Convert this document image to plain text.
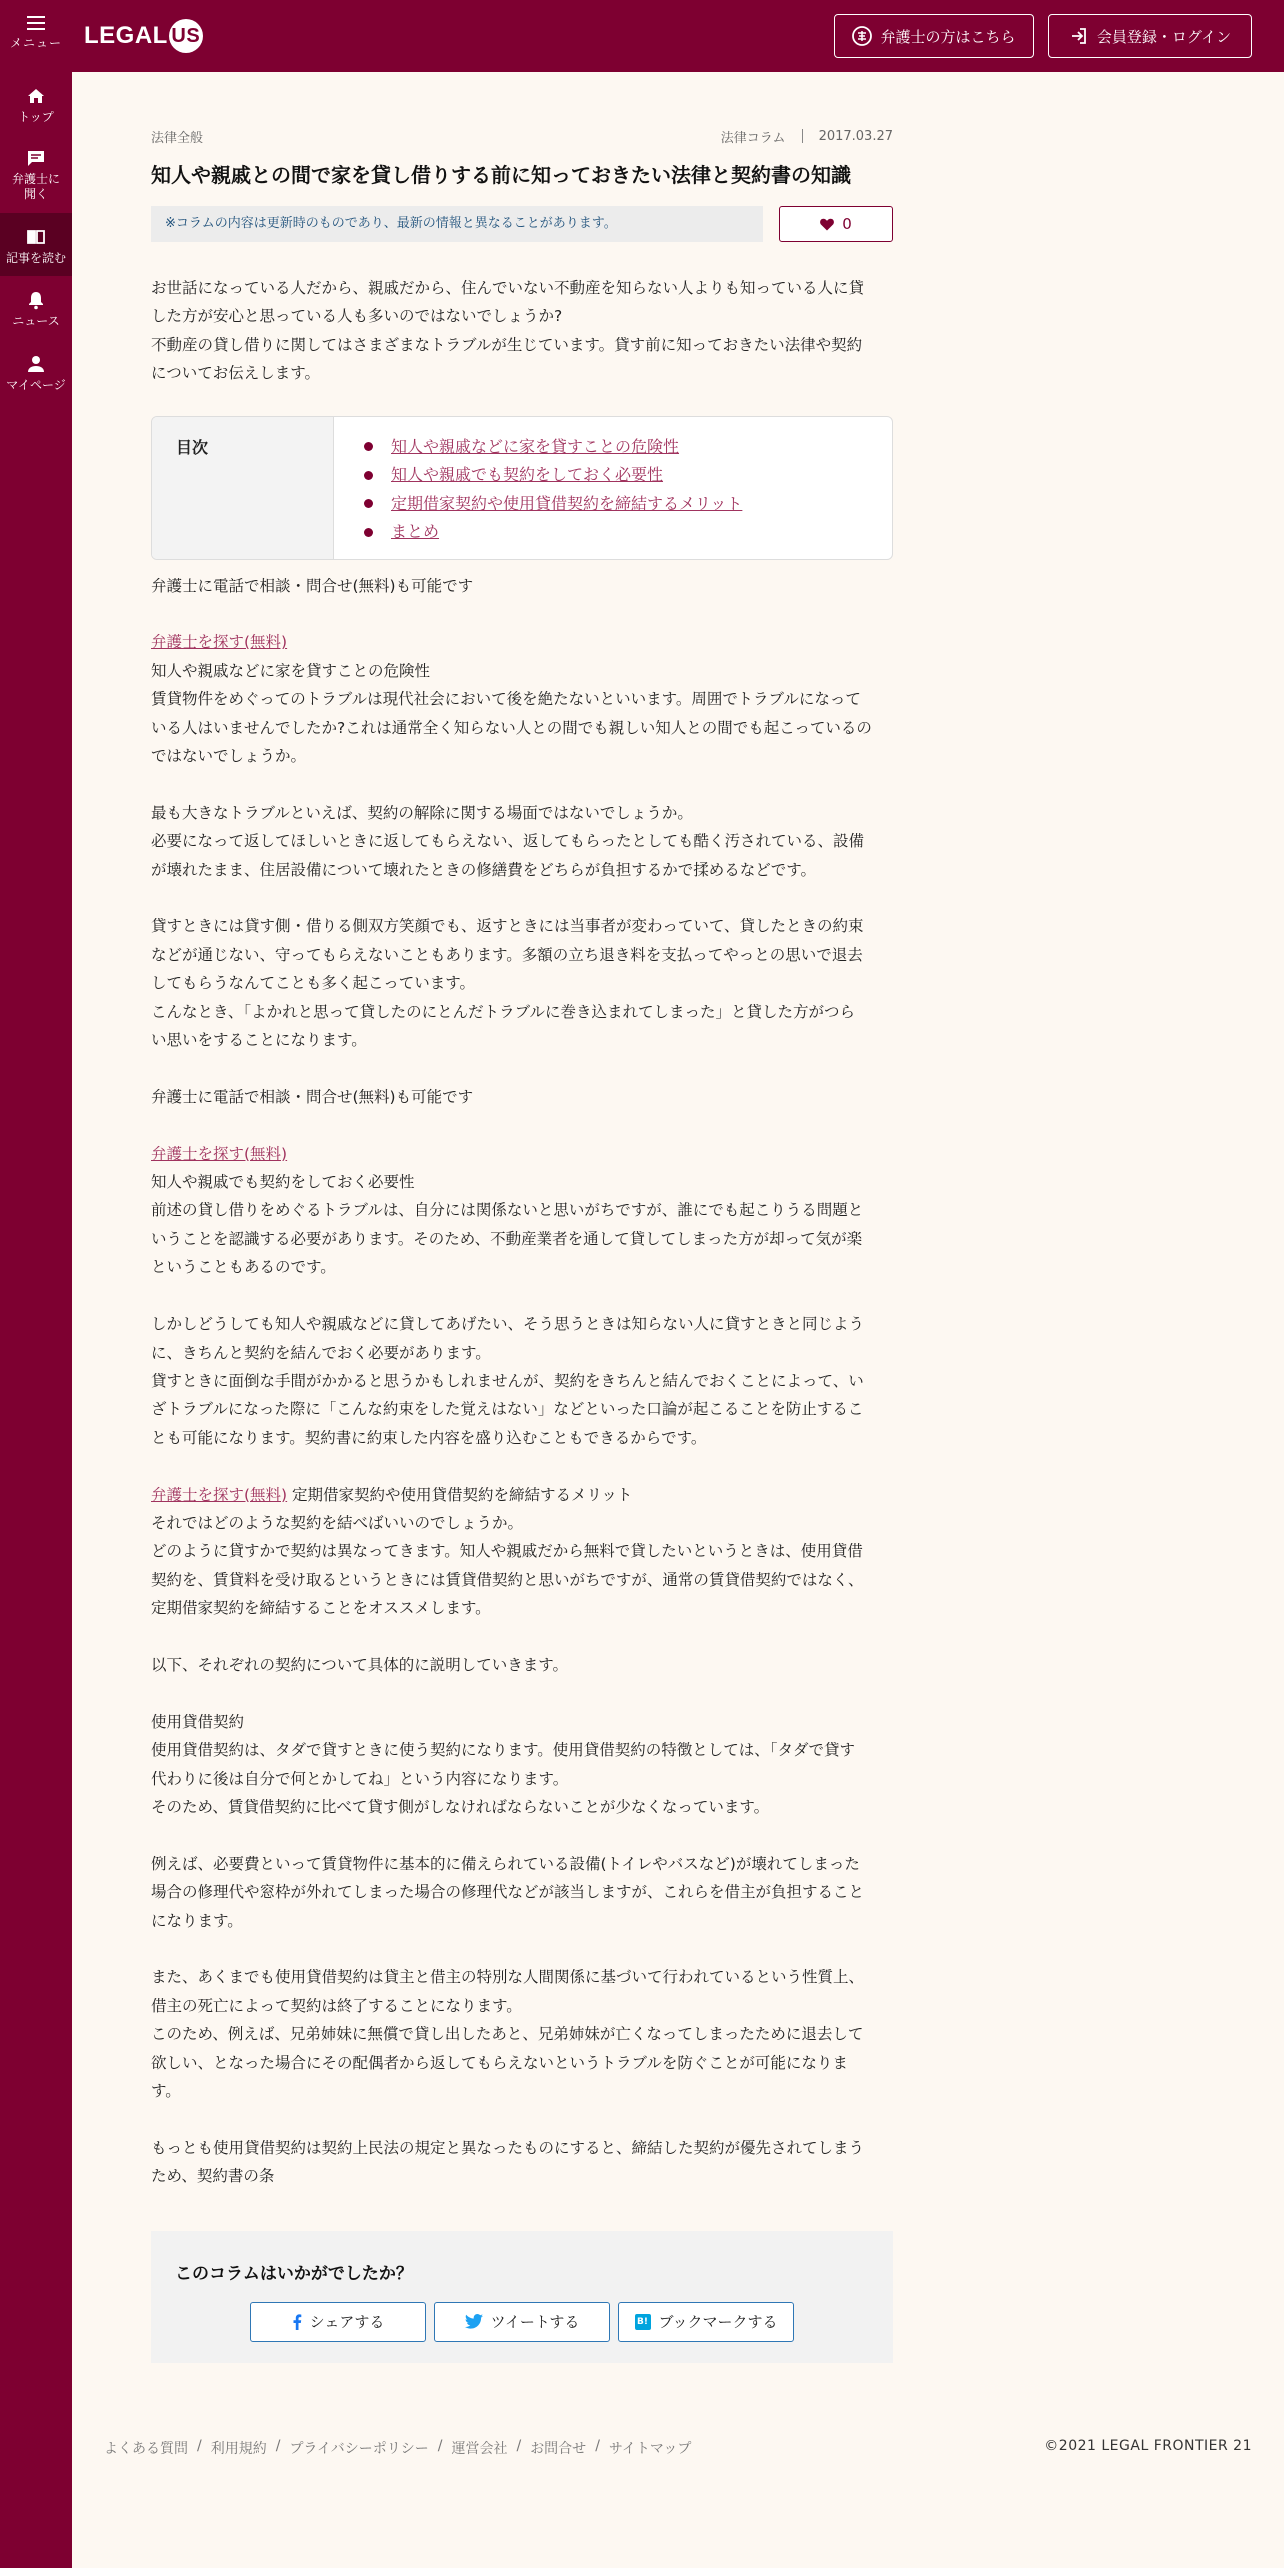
メニュー LEGAL US	弁護士の方はこちら	会員登録・ログイン
トップ
弁護士に聞く
記事を読む
ニュース
マイページ
法律全般	法律コラム	2017.03.27
知人や親戚との間で家を貸し借りする前に知っておきたい法律と契約書の知識
※コラムの内容は更新時のものであり、最新の情報と異なることがあります。	0
お世話になっている人だから、親戚だから、住んでいない不動産を知らない人よりも知っている人に貸
した方が安心と思っている人も多いのではないでしょうか?
不動産の貸し借りに関してはさまざまなトラブルが生じています。貸す前に知っておきたい法律や契約
についてお伝えします。
目次	知人や親戚などに家を貸すことの危険性
知人や親戚でも契約をしておく必要性
定期借家契約や使用貸借契約を締結するメリット
まとめ
弁護士に電話で相談・問合せ(無料)も可能です
弁護士を探す(無料)
知人や親戚などに家を貸すことの危険性
賃貸物件をめぐってのトラブルは現代社会において後を絶たないといいます。周囲でトラブルになって
いる人はいませんでしたか?これは通常全く知らない人との間でも親しい知人との間でも起こっているの
ではないでしょうか。
最も大きなトラブルといえば、契約の解除に関する場面ではないでしょうか。
必要になって返してほしいときに返してもらえない、返してもらったとしても酷く汚されている、設備
が壊れたまま、住居設備について壊れたときの修繕費をどちらが負担するかで揉めるなどです。
貸すときには貸す側・借りる側双方笑顔でも、返すときには当事者が変わっていて、貸したときの約束
などが通じない、守ってもらえないこともあります。多額の立ち退き料を支払ってやっとの思いで退去
してもらうなんてことも多く起こっています。
こんなとき、「よかれと思って貸したのにとんだトラブルに巻き込まれてしまった」と貸した方がつら
い思いをすることになります。
弁護士に電話で相談・問合せ(無料)も可能です
弁護士を探す(無料)
知人や親戚でも契約をしておく必要性
前述の貸し借りをめぐるトラブルは、自分には関係ないと思いがちですが、誰にでも起こりうる問題と
いうことを認識する必要があります。そのため、不動産業者を通して貸してしまった方が却って気が楽
ということもあるのです。
しかしどうしても知人や親戚などに貸してあげたい、そう思うときは知らない人に貸すときと同じよう
に、きちんと契約を結んでおく必要があります。
貸すときに面倒な手間がかかると思うかもしれませんが、契約をきちんと結んでおくことによって、い
ざトラブルになった際に「こんな約束をした覚えはない」などといった口論が起こることを防止するこ
とも可能になります。契約書に約束した内容を盛り込むこともできるからです。
弁護士を探す(無料) 定期借家契約や使用貸借契約を締結するメリット
それではどのような契約を結べばいいのでしょうか。
どのように貸すかで契約は異なってきます。知人や親戚だから無料で貸したいというときは、使用貸借
契約を、賃貸料を受け取るというときには賃貸借契約と思いがちですが、通常の賃貸借契約ではなく、
定期借家契約を締結することをオススメします。
以下、それぞれの契約について具体的に説明していきます。
使用貸借契約
使用貸借契約は、タダで貸すときに使う契約になります。使用貸借契約の特徴としては、「タダで貸す
代わりに後は自分で何とかしてね」という内容になります。
そのため、賃貸借契約に比べて貸す側がしなければならないことが少なくなっています。
例えば、必要費といって賃貸物件に基本的に備えられている設備(トイレやバスなど)が壊れてしまった
場合の修理代や窓枠が外れてしまった場合の修理代などが該当しますが、これらを借主が負担すること
になります。
また、あくまでも使用貸借契約は貸主と借主の特別な人間関係に基づいて行われているという性質上、
借主の死亡によって契約は終了することになります。
このため、例えば、兄弟姉妹に無償で貸し出したあと、兄弟姉妹が亡くなってしまったために退去して
欲しい、となった場合にその配偶者から返してもらえないというトラブルを防ぐことが可能になりま
す。
もっとも使用貸借契約は契約上民法の規定と異なったものにすると、締結した契約が優先されてしまう
ため、契約書の条
このコラムはいかがでしたか？
シェアする	ツイートする	B! ブックマークする
よくある質問 / 利用規約 / プライバシーポリシー / 運営会社 / お問合せ / サイトマップ	©2021 LEGAL FRONTIER 21
